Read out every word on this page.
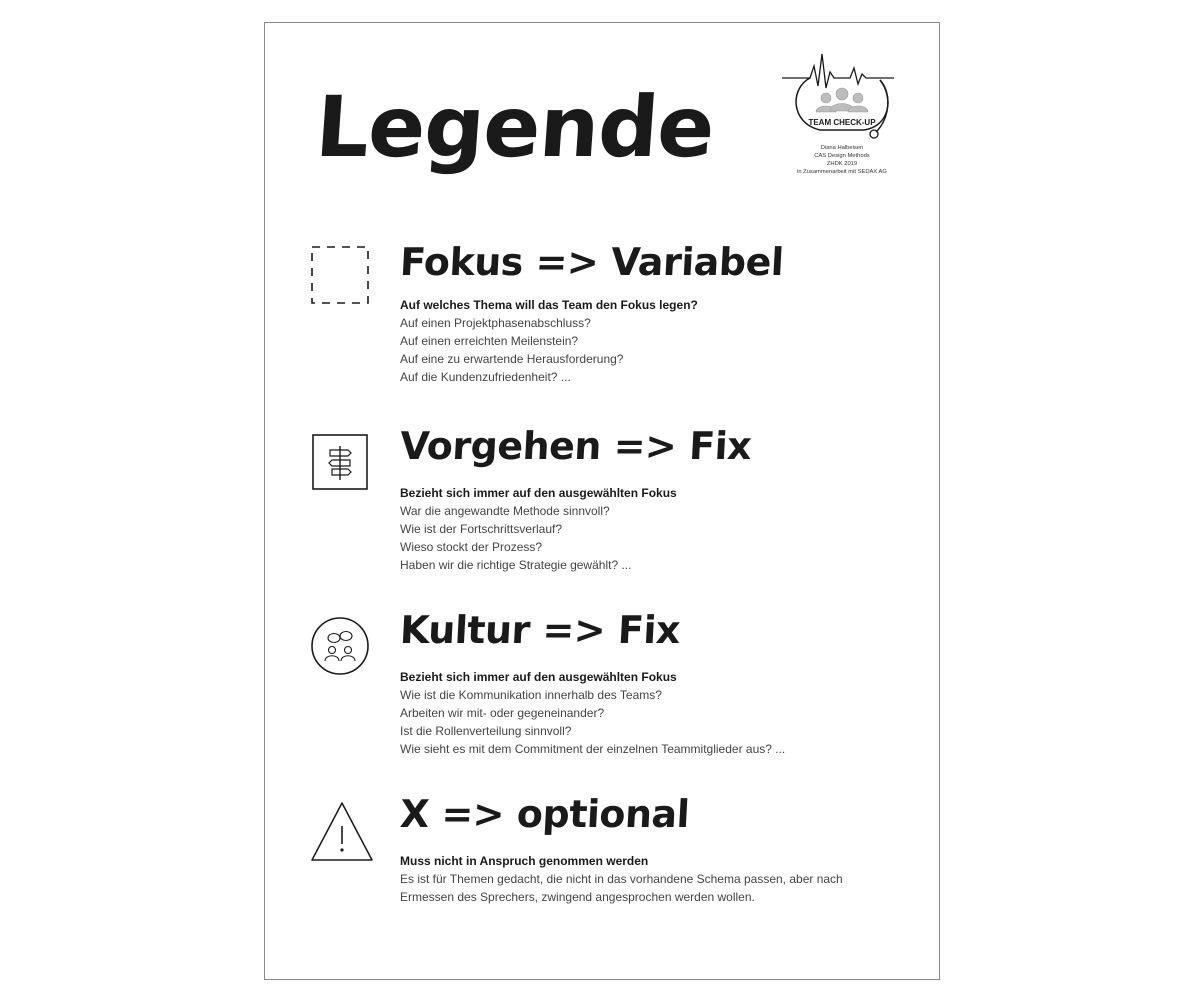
Legende	TEAM CHECK-UP
Diana Halbeisen
CAS Design Methods
ZHDK 2019
in Zusammenarbeit mit SEDAX AG
Fokus => Variabel
Auf welches Thema will das Team den Fokus legen?
Auf einen Projektphasenabschluss?
Auf einen erreichten Meilenstein?
Auf eine zu erwartende Herausforderung?
Auf die Kundenzufriedenheit? ...
Vorgehen => Fix
Bezieht sich immer auf den ausgewählten Fokus
War die angewandte Methode sinnvoll?
Wie ist der Fortschrittsverlauf?
Wieso stockt der Prozess?
Haben wir die richtige Strategie gewählt? ...
Kultur => Fix
Bezieht sich immer auf den ausgewählten Fokus
Wie ist die Kommunikation innerhalb des Teams?
Arbeiten wir mit- oder gegeneinander?
Ist die Rollenverteilung sinnvoll?
Wie sieht es mit dem Commitment der einzelnen Teammitglieder aus? ...
X => optional
Muss nicht in Anspruch genommen werden
Es ist für Themen gedacht, die nicht in das vorhandene Schema passen, aber nach
Ermessen des Sprechers, zwingend angesprochen werden wollen.
